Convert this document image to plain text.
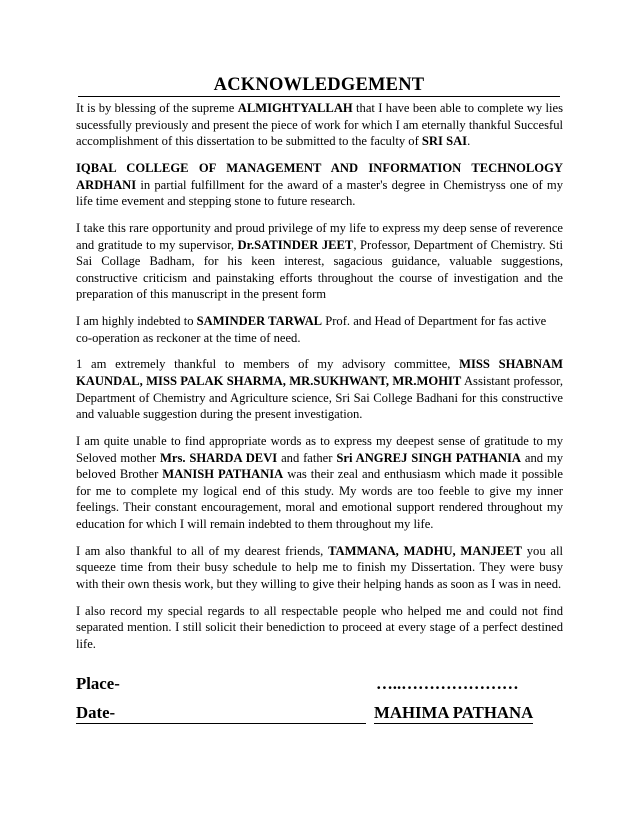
ACKNOWLEDGEMENT

It is by blessing of the supreme ALMIGHTYALLAH that I have been able to complete wy lies sucessfully previously and present the piece of work for which I am eternally thankful Succesful accomplishment of this dissertation to be submitted to the faculty of SRI SAI.

IQBAL COLLEGE OF MANAGEMENT AND INFORMATION TECHNOLOGY ARDHANI in partial fulfillment for the award of a master's degree in Chemistryss one of my life time evement and stepping stone to future research.

I take this rare opportunity and proud privilege of my life to express my deep sense of reverence and gratitude to my supervisor, Dr.SATINDER JEET, Professor, Department of Chemistry. Sti Sai Collage Badham, for his keen interest, sagacious guidance, valuable suggestions, constructive criticism and painstaking efforts throughout the course of investigation and the preparation of this manuscript in the present form

I am highly indebted to SAMINDER TARWAL Prof. and Head of Department for fas active co-operation as reckoner at the time of need.

1 am extremely thankful to members of my advisory committee, MISS SHABNAM KAUNDAL, MISS PALAK SHARMA, MR.SUKHWANT, MR.MOHIT Assistant professor, Department of Chemistry and Agriculture science, Sri Sai College Badhani for this constructive and valuable suggestion during the present investigation.

I am quite unable to find appropriate words as to express my deepest sense of gratitude to my Seloved mother Mrs. SHARDA DEVI and father Sri ANGREJ SINGH PATHANIA and my beloved Brother MANISH PATHANIA was their zeal and enthusiasm which made it possible for me to complete my logical end of this study. My words are too feeble to give my inner feelings. Their constant encouragement, moral and emotional support rendered throughout my education for which I will remain indebted to them throughout my life.

I am also thankful to all of my dearest friends, TAMMANA, MADHU, MANJEET you all squeeze time from their busy schedule to help me to finish my Dissertation. They were busy with their own thesis work, but they willing to give their helping hands as soon as I was in need.

I also record my special regards to all respectable people who helped me and could not find separated mention. I still solicit their benediction to proceed at every stage of a perfect destined life.

Place-	…..…………………
Date-	MAHIMA PATHANA
